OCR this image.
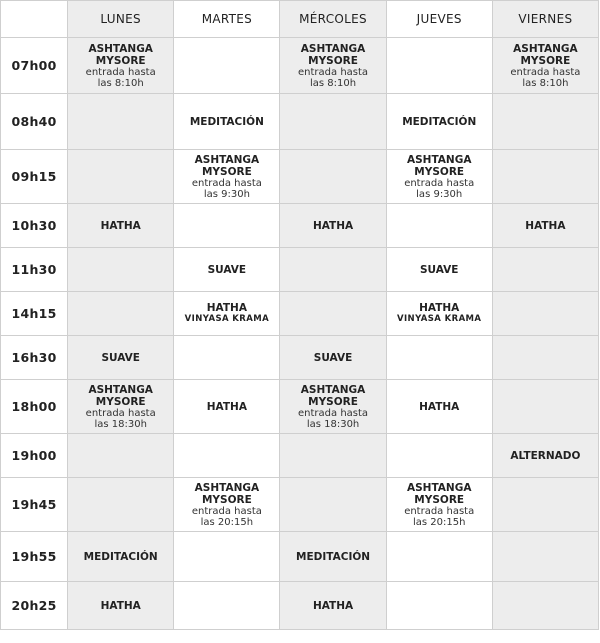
	LUNES	MARTES	MÉRCOLES	JUEVES	VIERNES
07h00	ASHTANGA
MYSORE
entrada hasta
las 8:10h		ASHTANGA
MYSORE
entrada hasta
las 8:10h		ASHTANGA
MYSORE
entrada hasta
las 8:10h

08h40		MEDITACIÓN		MEDITACIÓN	

09h15		ASHTANGA
MYSORE
entrada hasta
las 9:30h		ASHTANGA
MYSORE
entrada hasta
las 9:30h	

10h30	HATHA		HATHA		HATHA

11h30		SUAVE		SUAVE	

14h15		HATHA
VINYASA KRAMA		HATHA
VINYASA KRAMA	

16h30	SUAVE		SUAVE		

18h00	ASHTANGA
MYSORE
entrada hasta
las 18:30h	HATHA	ASHTANGA
MYSORE
entrada hasta
las 18:30h	HATHA	

19h00					ALTERNADO

19h45		ASHTANGA
MYSORE
entrada hasta
las 20:15h		ASHTANGA
MYSORE
entrada hasta
las 20:15h	

19h55	MEDITACIÓN		MEDITACIÓN		

20h25	HATHA		HATHA		
